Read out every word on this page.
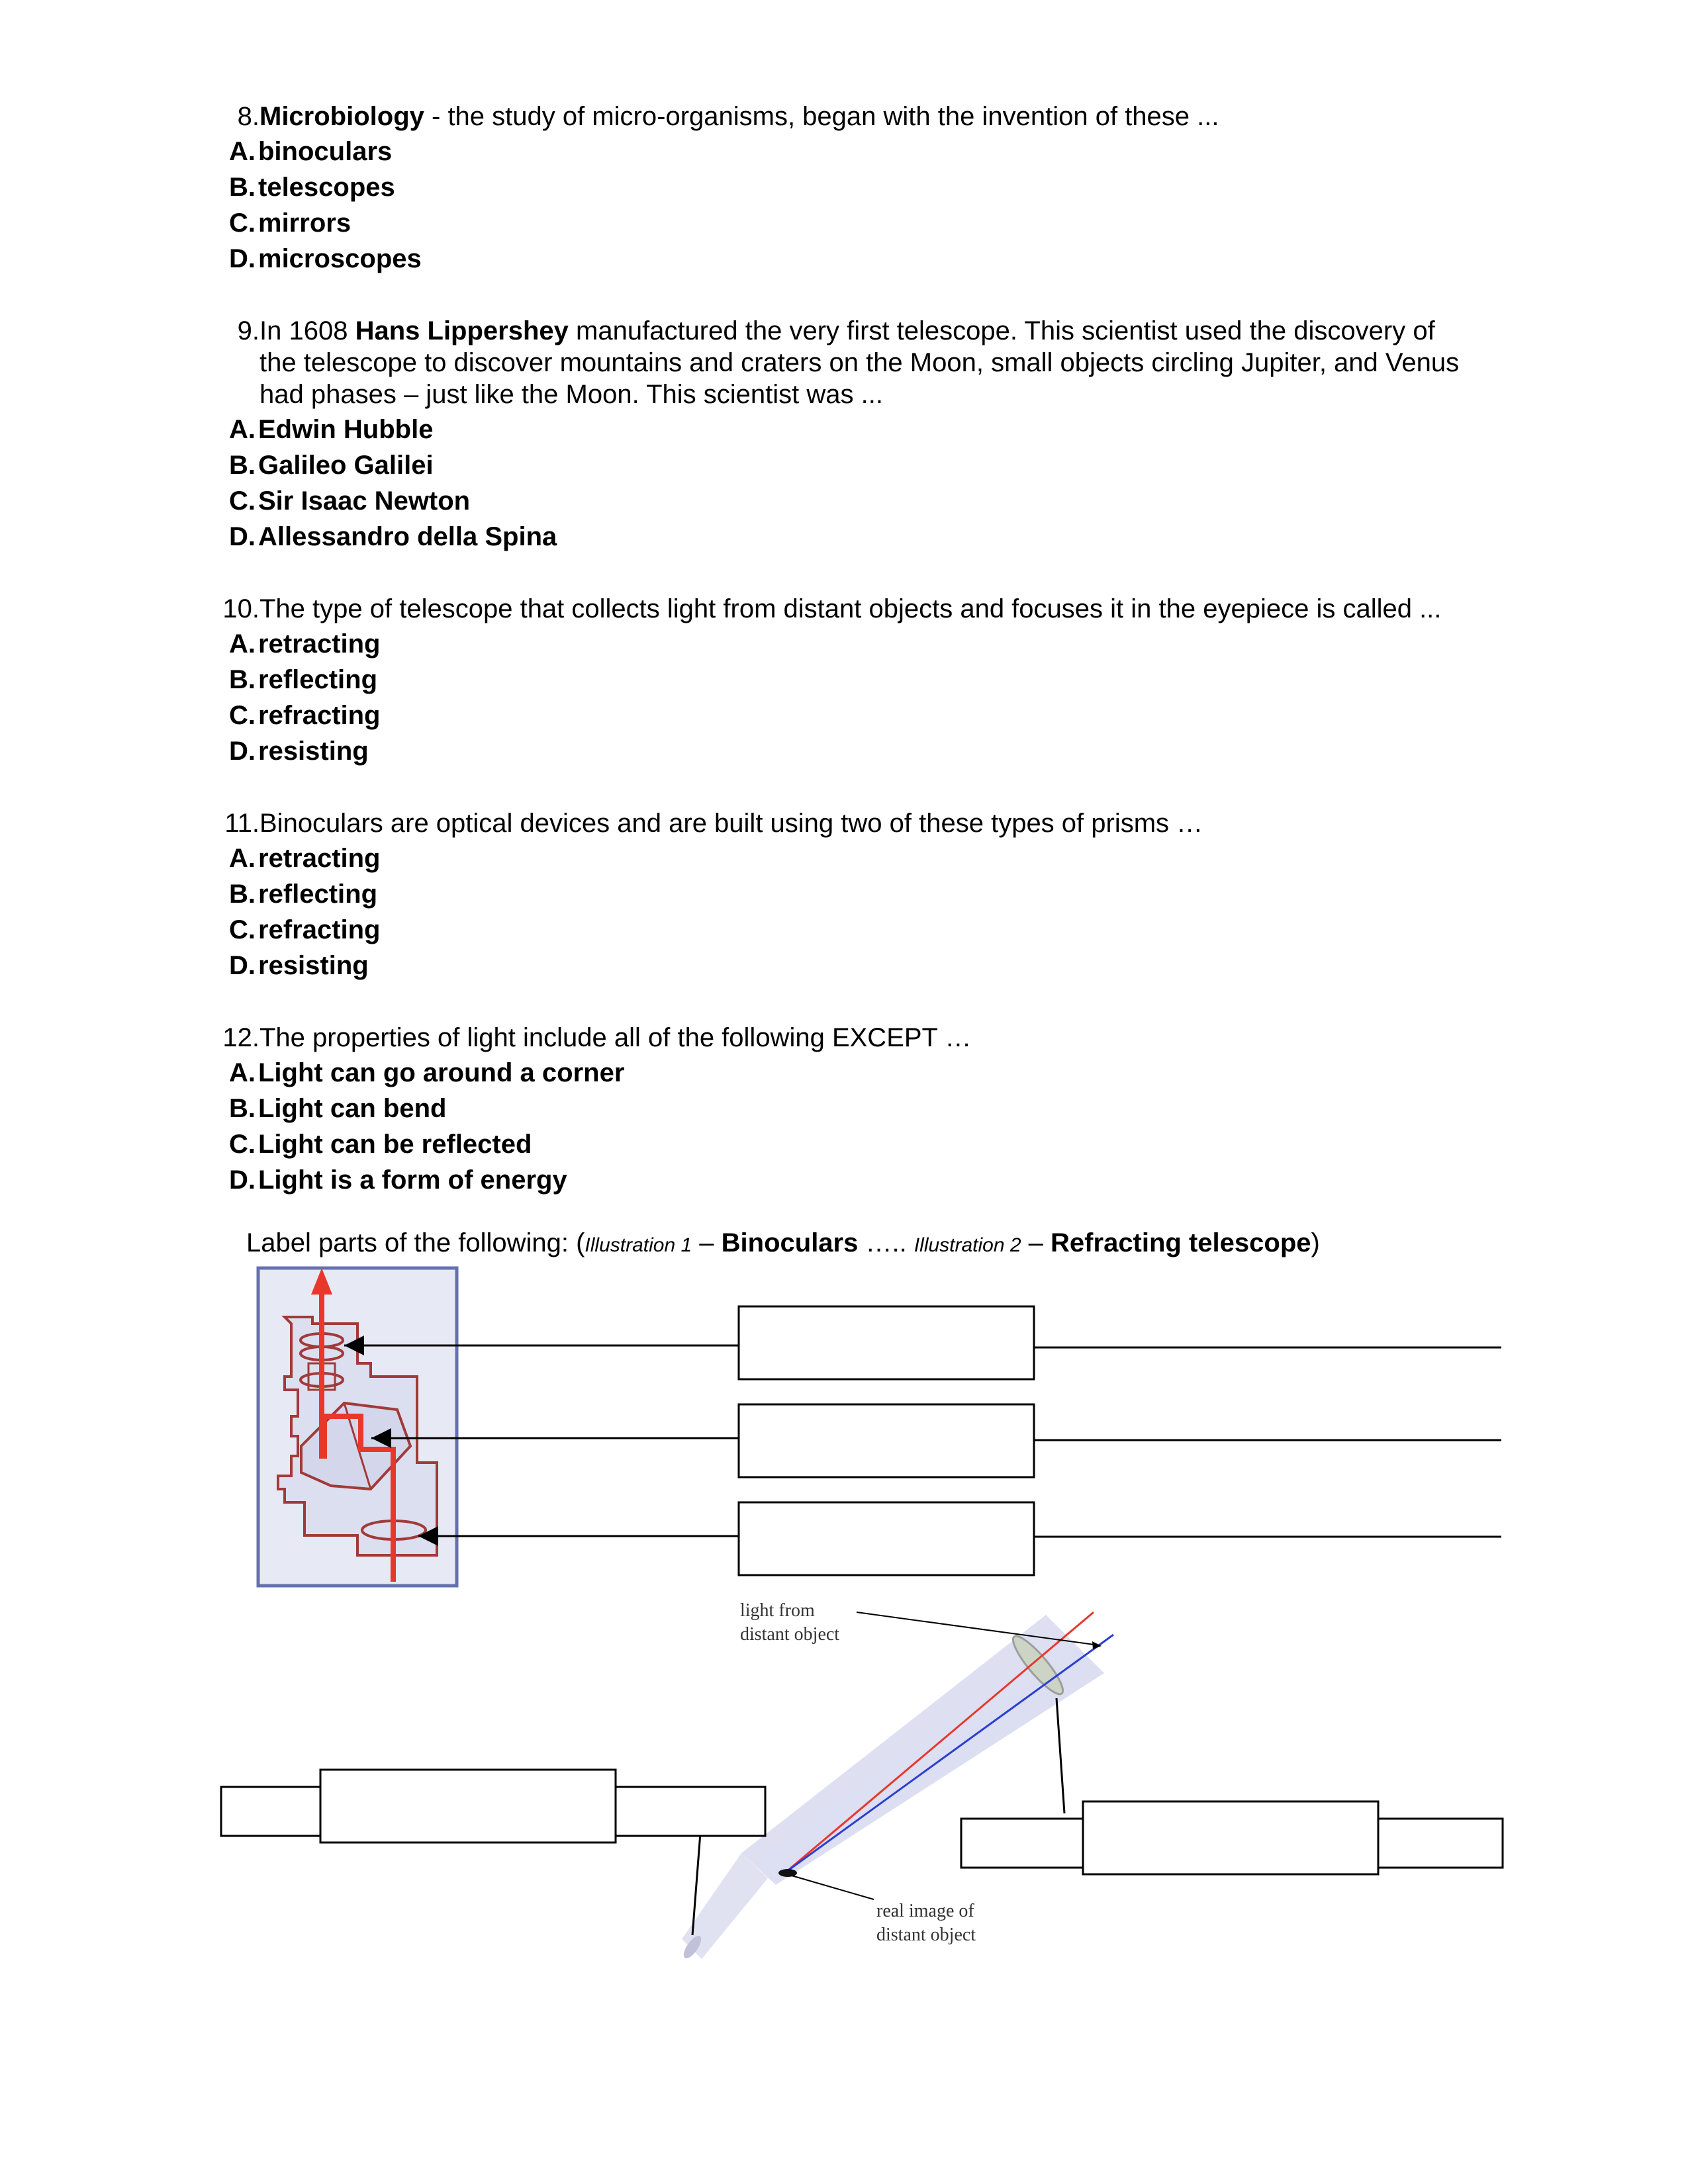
8. Microbiology - the study of micro-organisms, began with the invention of these ...
A. binoculars
B. telescopes
C. mirrors
D. microscopes
9. In 1608 Hans Lippershey manufactured the very first telescope. This scientist used the discovery of
the telescope to discover mountains and craters on the Moon, small objects circling Jupiter, and Venus
had phases – just like the Moon. This scientist was ...
A. Edwin Hubble
B. Galileo Galilei
C. Sir Isaac Newton
D. Allessandro della Spina
10. The type of telescope that collects light from distant objects and focuses it in the eyepiece is called ...
A. retracting
B. reflecting
C. refracting
D. resisting
11. Binoculars are optical devices and are built using two of these types of prisms …
A. retracting
B. reflecting
C. refracting
D. resisting
12. The properties of light include all of the following EXCEPT …
A. Light can go around a corner
B. Light can bend
C. Light can be reflected
D. Light is a form of energy
Label parts of the following: (Illustration 1 – Binoculars ….. Illustration 2 – Refracting telescope)
light from
distant object
real image of
distant object
